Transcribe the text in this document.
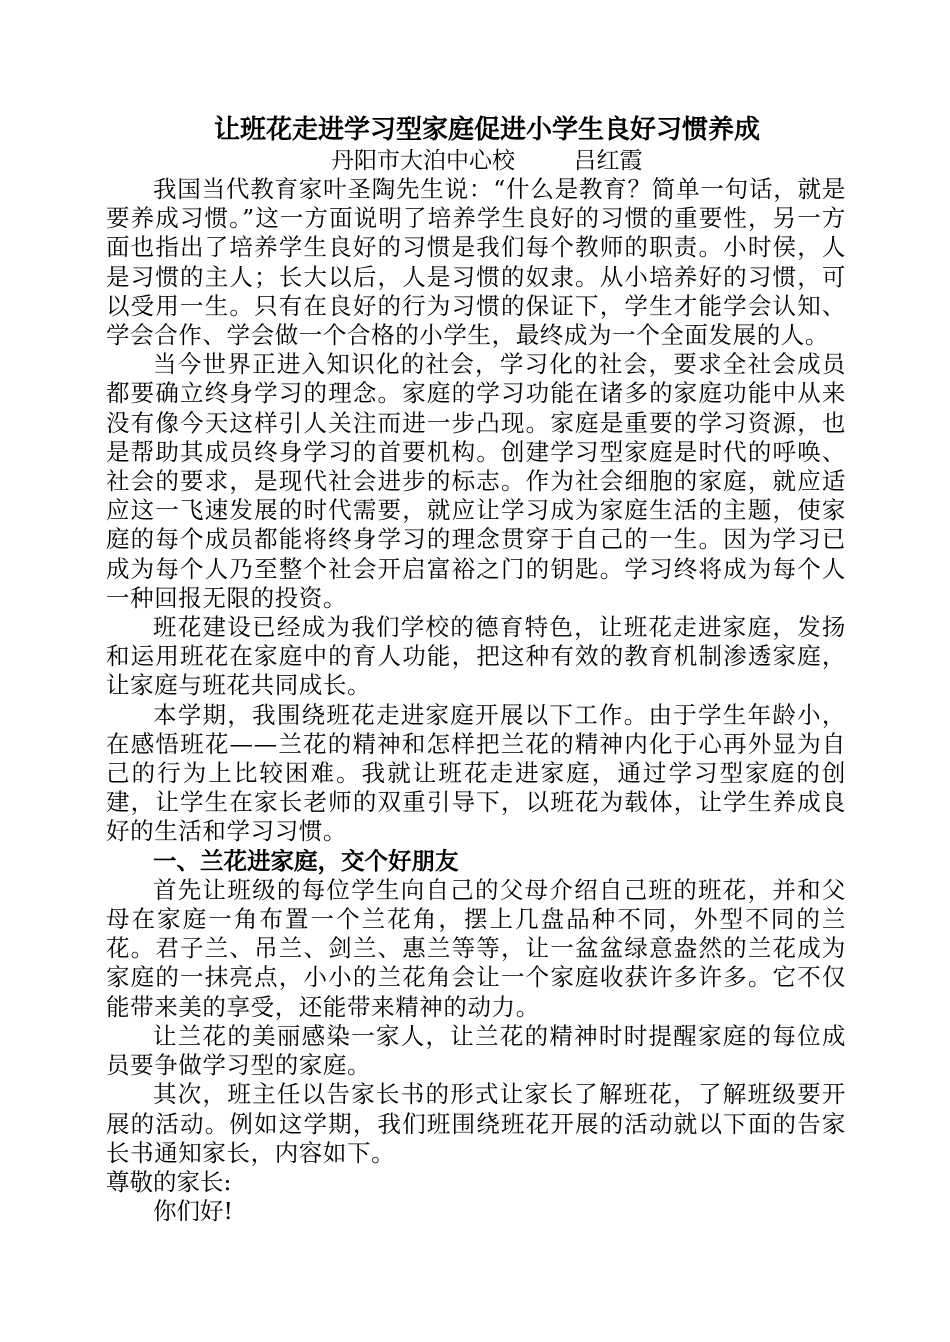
让班花走进学习型家庭促进小学生良好习惯养成

丹阳市大泊中心校        吕红霞

我国当代教育家叶圣陶先生说：“什么是教育？简单一句话，就是要养成习惯。”这一方面说明了培养学生良好的习惯的重要性，另一方面也指出了培养学生良好的习惯是我们每个教师的职责。小时侯，人是习惯的主人；长大以后，人是习惯的奴隶。从小培养好的习惯，可以受用一生。只有在良好的行为习惯的保证下，学生才能学会认知、学会合作、学会做一个合格的小学生，最终成为一个全面发展的人。

当今世界正进入知识化的社会，学习化的社会，要求全社会成员都要确立终身学习的理念。家庭的学习功能在诸多的家庭功能中从来没有像今天这样引人关注而进一步凸现。家庭是重要的学习资源，也是帮助其成员终身学习的首要机构。创建学习型家庭是时代的呼唤、社会的要求，是现代社会进步的标志。作为社会细胞的家庭，就应适应这一飞速发展的时代需要，就应让学习成为家庭生活的主题，使家庭的每个成员都能将终身学习的理念贯穿于自己的一生。因为学习已成为每个人乃至整个社会开启富裕之门的钥匙。学习终将成为每个人一种回报无限的投资。

班花建设已经成为我们学校的德育特色，让班花走进家庭，发扬和运用班花在家庭中的育人功能，把这种有效的教育机制渗透家庭，让家庭与班花共同成长。

本学期，我围绕班花走进家庭开展以下工作。由于学生年龄小，在感悟班花——兰花的精神和怎样把兰花的精神内化于心再外显为自己的行为上比较困难。我就让班花走进家庭，通过学习型家庭的创建，让学生在家长老师的双重引导下，以班花为载体，让学生养成良好的生活和学习习惯。

一、兰花进家庭，交个好朋友

首先让班级的每位学生向自己的父母介绍自己班的班花，并和父母在家庭一角布置一个兰花角，摆上几盘品种不同，外型不同的兰花。君子兰、吊兰、剑兰、惠兰等等，让一盆盆绿意盎然的兰花成为家庭的一抹亮点，小小的兰花角会让一个家庭收获许多许多。它不仅能带来美的享受，还能带来精神的动力。

让兰花的美丽感染一家人，让兰花的精神时时提醒家庭的每位成员要争做学习型的家庭。

其次，班主任以告家长书的形式让家长了解班花，了解班级要开展的活动。例如这学期，我们班围绕班花开展的活动就以下面的告家长书通知家长，内容如下。

尊敬的家长:

你们好!
